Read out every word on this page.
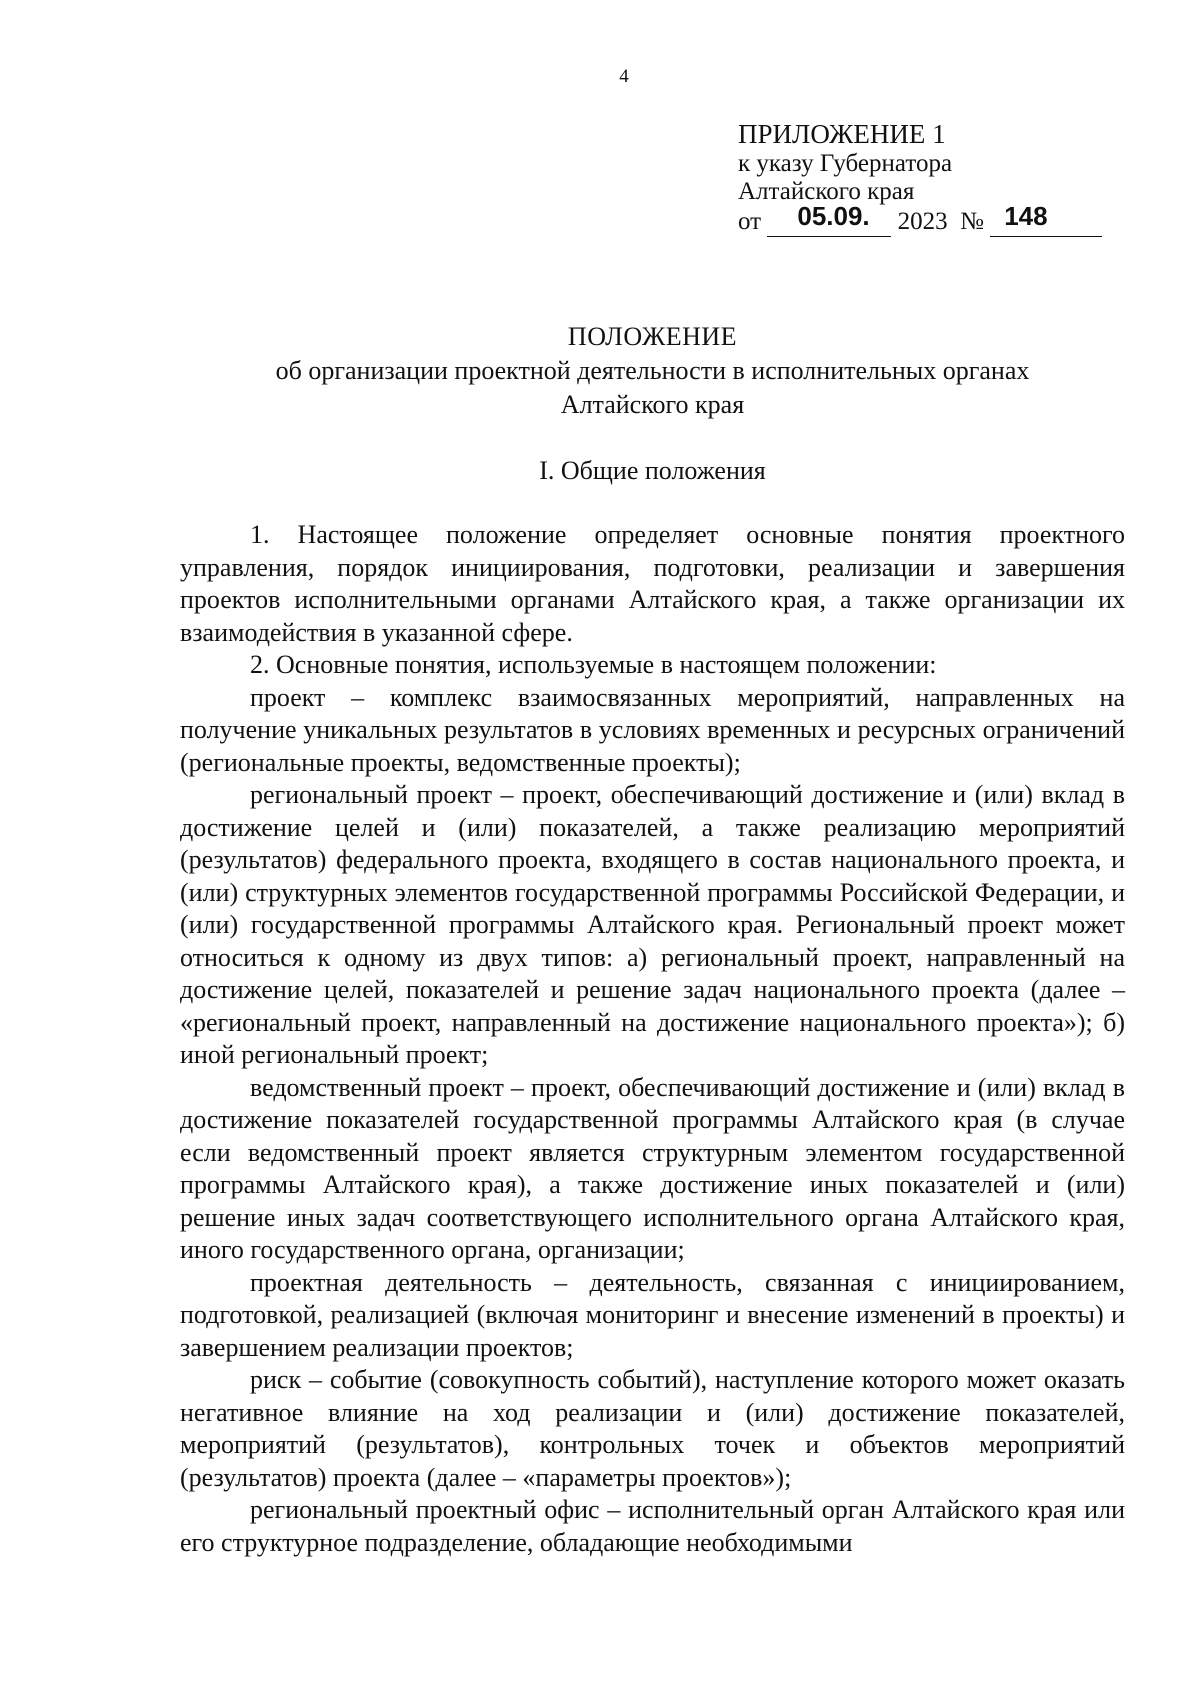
4
ПРИЛОЖЕНИЕ 1
к указу Губернатора
Алтайского края
от 05.09. 2023 № 148
ПОЛОЖЕНИЕ
об организации проектной деятельности в исполнительных органах
Алтайского края
I. Общие положения

1. Настоящее положение определяет основные понятия проектного управления, порядок инициирования, подготовки, реализации и завершения проектов исполнительными органами Алтайского края, а также организации их взаимодействия в указанной сфере.

2. Основные понятия, используемые в настоящем положении:

проект – комплекс взаимосвязанных мероприятий, направленных на получение уникальных результатов в условиях временных и ресурсных ограничений (региональные проекты, ведомственные проекты);

региональный проект – проект, обеспечивающий достижение и (или) вклад в достижение целей и (или) показателей, а также реализацию мероприятий (результатов) федерального проекта, входящего в состав национального проекта, и (или) структурных элементов государственной программы Российской Федерации, и (или) государственной программы Алтайского края. Региональный проект может относиться к одному из двух типов: а) региональный проект, направленный на достижение целей, показателей и решение задач национального проекта (далее – «региональный проект, направленный на достижение национального проекта»); б) иной региональный проект;

ведомственный проект – проект, обеспечивающий достижение и (или) вклад в достижение показателей государственной программы Алтайского края (в случае если ведомственный проект является структурным элементом государственной программы Алтайского края), а также достижение иных показателей и (или) решение иных задач соответствующего исполнительного органа Алтайского края, иного государственного органа, организации;

проектная деятельность – деятельность, связанная с инициированием, подготовкой, реализацией (включая мониторинг и внесение изменений в проекты) и завершением реализации проектов;

риск – событие (совокупность событий), наступление которого может оказать негативное влияние на ход реализации и (или) достижение показателей, мероприятий (результатов), контрольных точек и объектов мероприятий (результатов) проекта (далее – «параметры проектов»);

региональный проектный офис – исполнительный орган Алтайского края или его структурное подразделение, обладающие необходимыми
